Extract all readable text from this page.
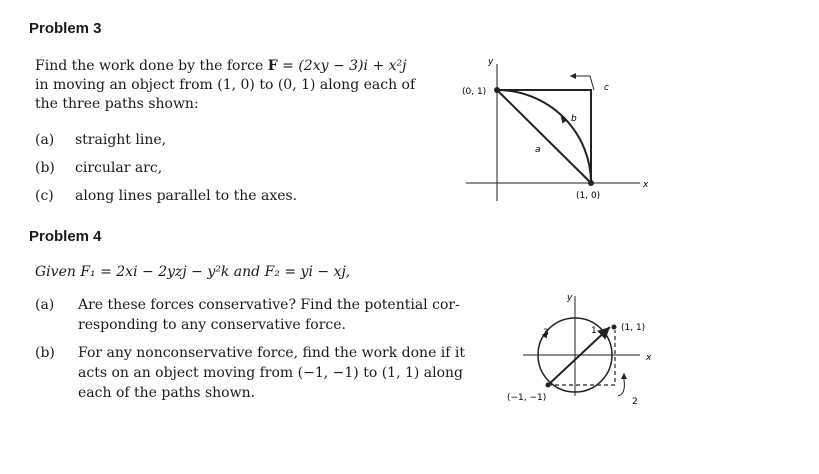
Problem 3
Find the work done by the force F = (2xy − 3)i + x²j
in moving an object from (1, 0) to (0, 1) along each of
the three paths shown:
(a) straight line,
(b) circular arc,
(c) along lines parallel to the axes.
y
x
(0, 1)
(1, 0)
a
b
c
Problem 4
Given F₁ = 2xi − 2yzj − y²k and F₂ = yi − xj,
(a) Are these forces conservative? Find the potential cor-
responding to any conservative force.
(b) For any nonconservative force, find the work done if it
acts on an object moving from (−1, −1) to (1, 1) along
each of the paths shown.
y
x
(1, 1)
(−1, −1)
1
2
3
